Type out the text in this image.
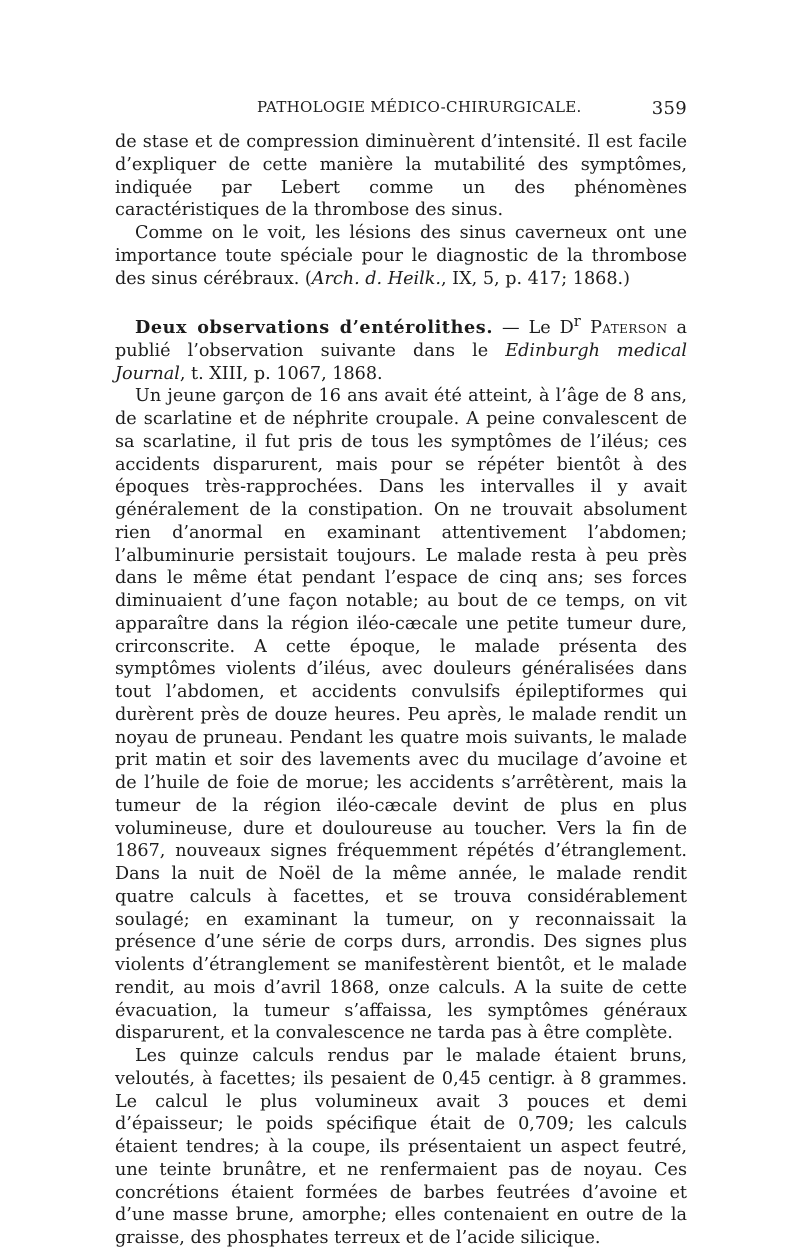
PATHOLOGIE MÉDICO-CHIRURGICALE.	359

de stase et de compression diminuèrent d’intensité. Il est facile d’expliquer de cette manière la mutabilité des symptômes, indiquée par Lebert comme un des phénomènes caractéristiques de la thrombose des sinus.

Comme on le voit, les lésions des sinus caverneux ont une importance toute spéciale pour le diagnostic de la thrombose des sinus cérébraux. (Arch. d. Heilk., IX, 5, p. 417; 1868.)

Deux observations d’entérolithes. — Le $D^r$ Paterson a publié l’observation suivante dans le Edinburgh medical Journal, t. XIII, p. 1067, 1868.

Un jeune garçon de 16 ans avait été atteint, à l’âge de 8 ans, de scarlatine et de néphrite croupale. A peine convalescent de sa scarlatine, il fut pris de tous les symptômes de l’iléus; ces accidents disparurent, mais pour se répéter bientôt à des époques très-rapprochées. Dans les intervalles il y avait généralement de la constipation. On ne trouvait absolument rien d’anormal en examinant attentivement l’abdomen; l’albuminurie persistait toujours. Le malade resta à peu près dans le même état pendant l’espace de cinq ans; ses forces diminuaient d’une façon notable; au bout de ce temps, on vit apparaître dans la région iléo-cæcale une petite tumeur dure, crirconscrite. A cette époque, le malade présenta des symptômes violents d’iléus, avec douleurs généralisées dans tout l’abdomen, et accidents convulsifs épileptiformes qui durèrent près de douze heures. Peu après, le malade rendit un noyau de pruneau. Pendant les quatre mois suivants, le malade prit matin et soir des lavements avec du mucilage d’avoine et de l’huile de foie de morue; les accidents s’arrêtèrent, mais la tumeur de la région iléo-cæcale devint de plus en plus volumineuse, dure et douloureuse au toucher. Vers la fin de 1867, nouveaux signes fréquemment répétés d’étranglement. Dans la nuit de Noël de la même année, le malade rendit quatre calculs à facettes, et se trouva considérablement soulagé; en examinant la tumeur, on y reconnaissait la présence d’une série de corps durs, arrondis. Des signes plus violents d’étranglement se manifestèrent bientôt, et le malade rendit, au mois d’avril 1868, onze calculs. A la suite de cette évacuation, la tumeur s’affaissa, les symptômes généraux disparurent, et la convalescence ne tarda pas à être complète.

Les quinze calculs rendus par le malade étaient bruns, veloutés, à facettes; ils pesaient de 0,45 centigr. à 8 grammes. Le calcul le plus volumineux avait 3 pouces et demi d’épaisseur; le poids spécifique était de 0,709; les calculs étaient tendres; à la coupe, ils présentaient un aspect feutré, une teinte brunâtre, et ne renfermaient pas de noyau. Ces concrétions étaient formées de barbes feutrées d’avoine et d’une masse brune, amorphe; elles contenaient en outre de la graisse, des phosphates terreux et de l’acide silicique.
